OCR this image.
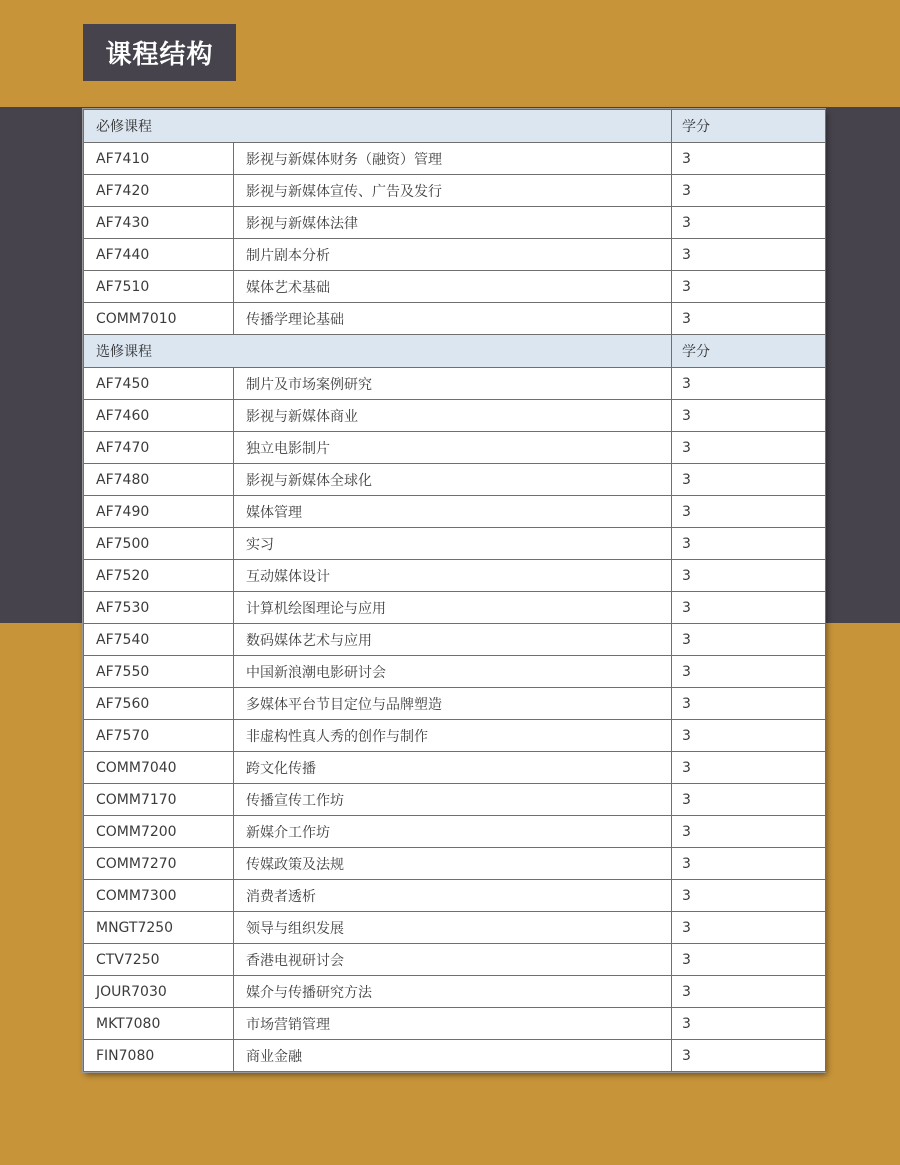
课程结构
必修课程		学分
AF7410	影视与新媒体财务（融资）管理	3
AF7420	影视与新媒体宣传、广告及发行	3
AF7430	影视与新媒体法律	3
AF7440	制片剧本分析	3
AF7510	媒体艺术基础	3
COMM7010	传播学理论基础	3
选修课程		学分
AF7450	制片及市场案例研究	3
AF7460	影视与新媒体商业	3
AF7470	独立电影制片	3
AF7480	影视与新媒体全球化	3
AF7490	媒体管理	3
AF7500	实习	3
AF7520	互动媒体设计	3
AF7530	计算机绘图理论与应用	3
AF7540	数码媒体艺术与应用	3
AF7550	中国新浪潮电影研讨会	3
AF7560	多媒体平台节目定位与品牌塑造	3
AF7570	非虚构性真人秀的创作与制作	3
COMM7040	跨文化传播	3
COMM7170	传播宣传工作坊	3
COMM7200	新媒介工作坊	3
COMM7270	传媒政策及法规	3
COMM7300	消费者透析	3
MNGT7250	领导与组织发展	3
CTV7250	香港电视研讨会	3
JOUR7030	媒介与传播研究方法	3
MKT7080	市场营销管理	3
FIN7080	商业金融	3
